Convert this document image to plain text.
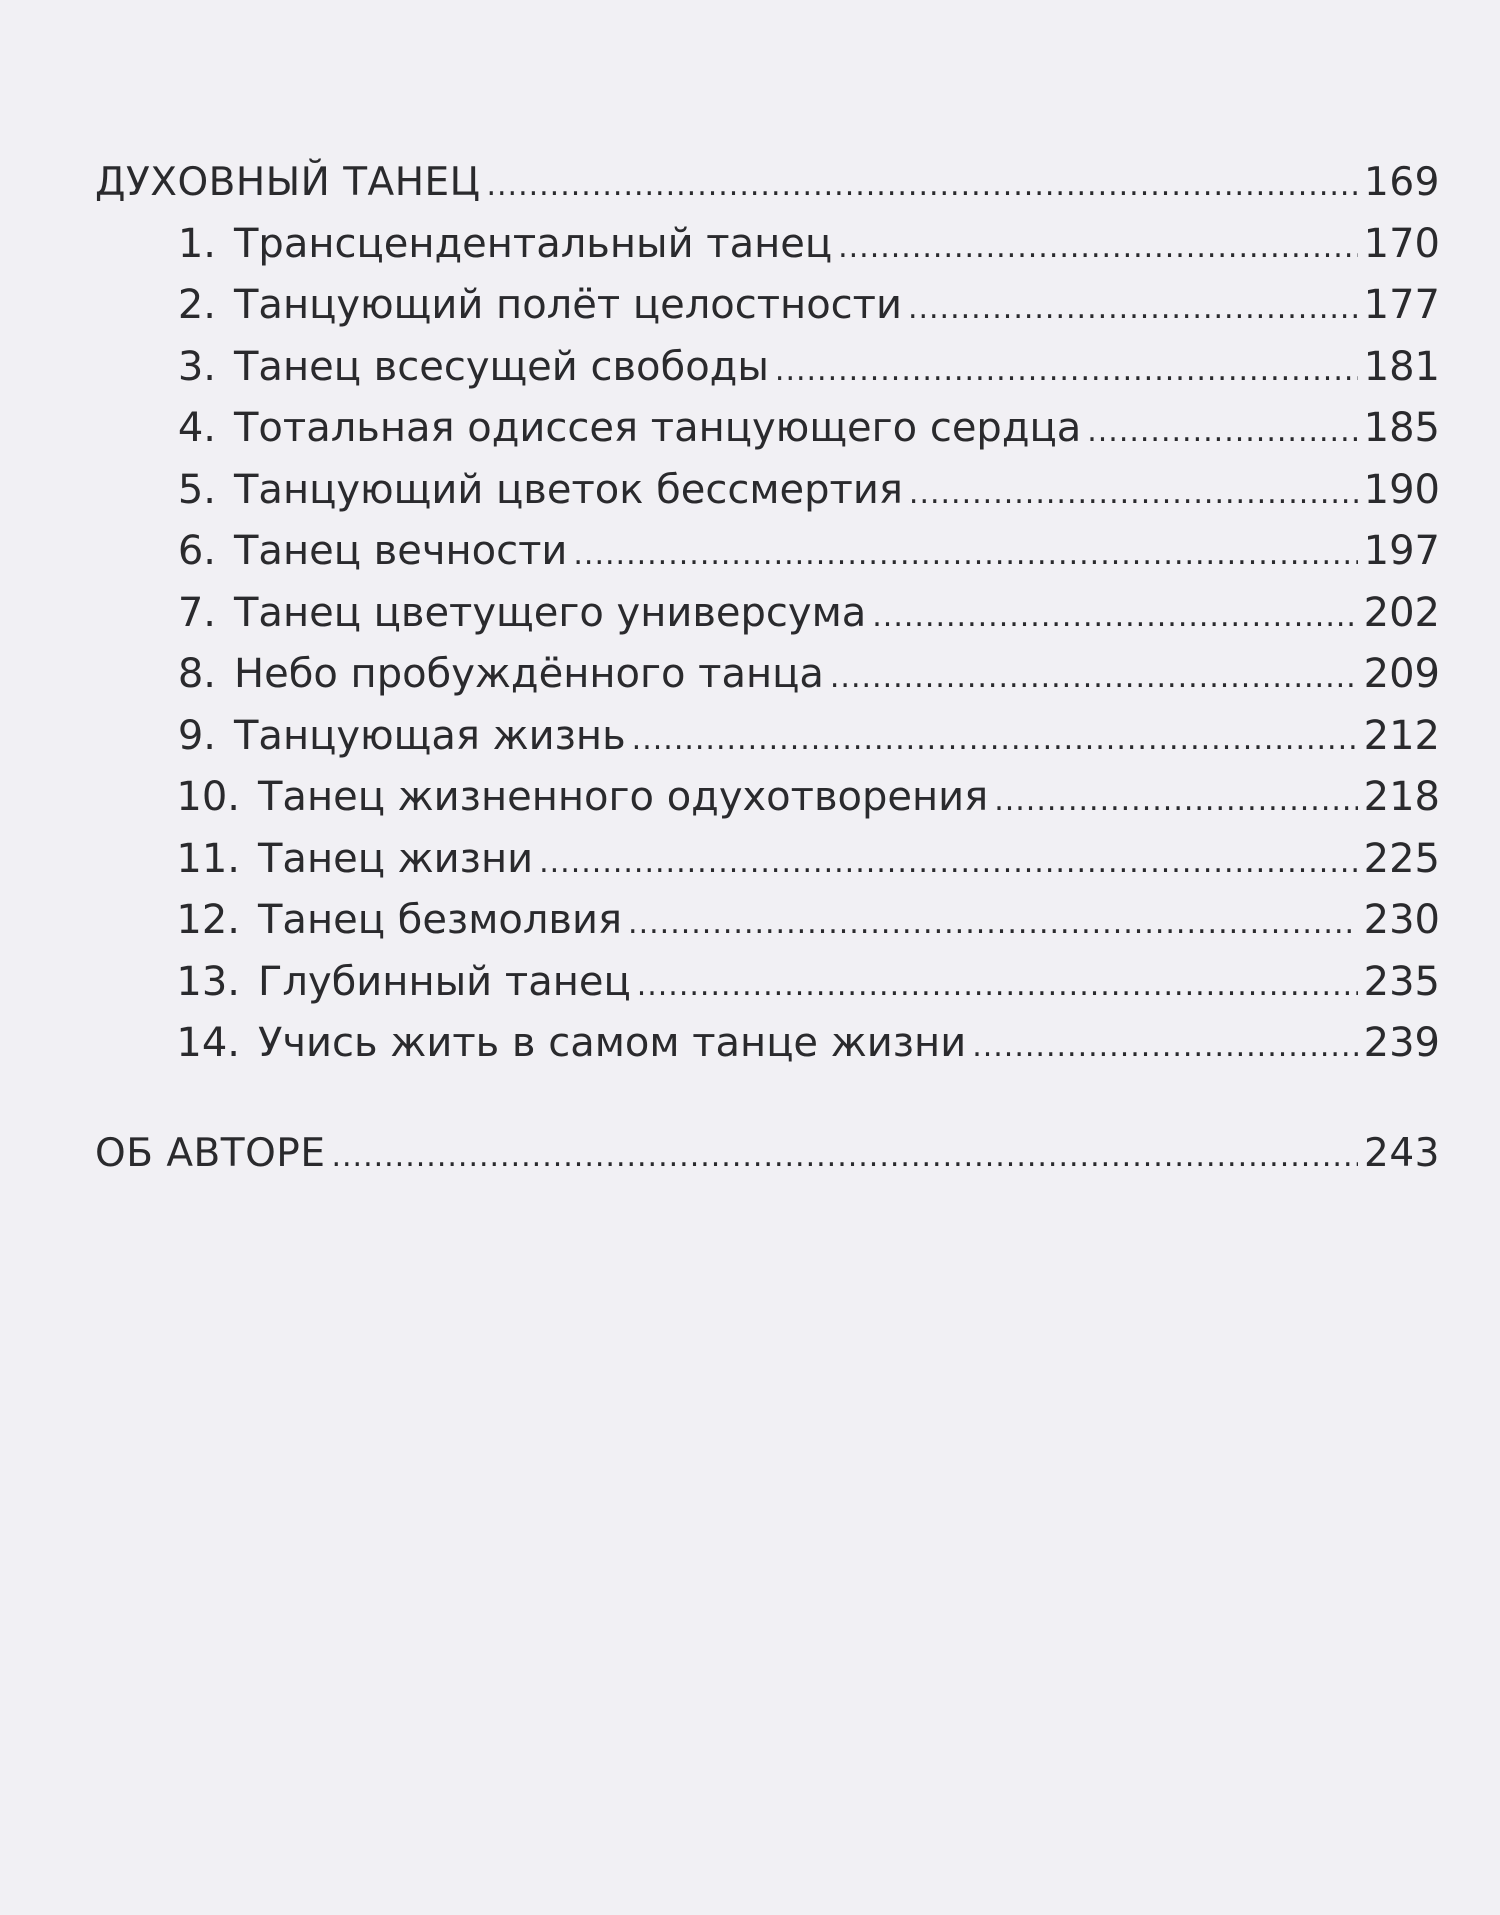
ДУХОВНЫЙ ТАНЕЦ .....	169
1. Трансцендентальный танец .....	170
2. Танцующий полёт целостности .....	177
3. Танец всесущей свободы .....	181
4. Тотальная одиссея танцующего сердца .....	185
5. Танцующий цветок бессмертия .....	190
6. Танец вечности .....	197
7. Танец цветущего универсума .....	202
8. Небо пробуждённого танца .....	209
9. Танцующая жизнь .....	212
10. Танец жизненного одухотворения .....	218
11. Танец жизни .....	225
12. Танец безмолвия .....	230
13. Глубинный танец .....	235
14. Учись жить в самом танце жизни .....	239
ОБ АВТОРЕ .....	243
